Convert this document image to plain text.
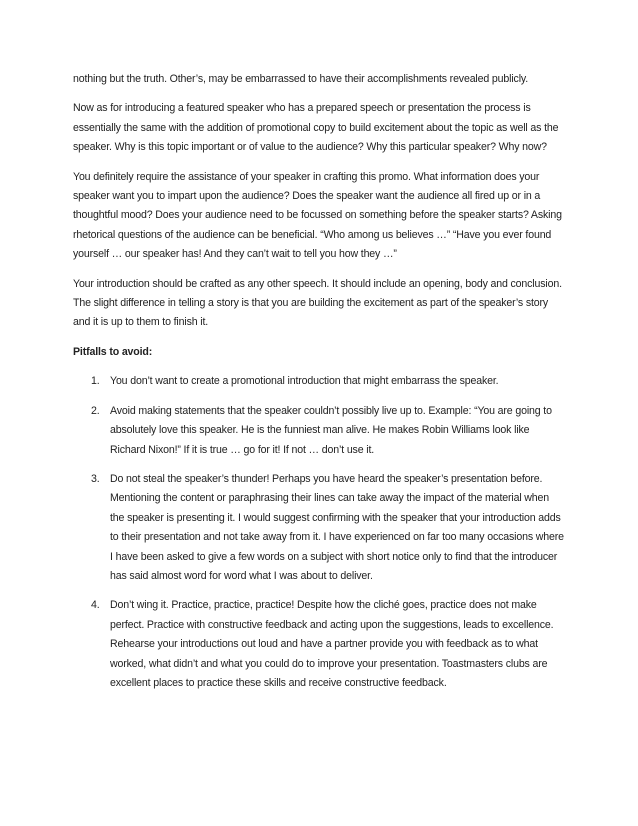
nothing but the truth. Other’s, may be embarrassed to have their accomplishments revealed publicly.

Now as for introducing a featured speaker who has a prepared speech or presentation the process is essentially the same with the addition of promotional copy to build excitement about the topic as well as the speaker. Why is this topic important or of value to the audience? Why this particular speaker? Why now?

You definitely require the assistance of your speaker in crafting this promo. What information does your speaker want you to impart upon the audience? Does the speaker want the audience all fired up or in a thoughtful mood? Does your audience need to be focussed on something before the speaker starts? Asking rhetorical questions of the audience can be beneficial. “Who among us believes …” “Have you ever found yourself … our speaker has! And they can’t wait to tell you how they …”

Your introduction should be crafted as any other speech. It should include an opening, body and conclusion. The slight difference in telling a story is that you are building the excitement as part of the speaker’s story and it is up to them to finish it.

Pitfalls to avoid:
1. You don’t want to create a promotional introduction that might embarrass the speaker.
2. Avoid making statements that the speaker couldn’t possibly live up to. Example: “You are going to absolutely love this speaker. He is the funniest man alive. He makes Robin Williams look like Richard Nixon!” If it is true … go for it! If not … don’t use it.
3. Do not steal the speaker’s thunder! Perhaps you have heard the speaker’s presentation before. Mentioning the content or paraphrasing their lines can take away the impact of the material when the speaker is presenting it. I would suggest confirming with the speaker that your introduction adds to their presentation and not take away from it. I have experienced on far too many occasions where I have been asked to give a few words on a subject with short notice only to find that the introducer has said almost word for word what I was about to deliver.
4. Don’t wing it. Practice, practice, practice! Despite how the cliché goes, practice does not make perfect. Practice with constructive feedback and acting upon the suggestions, leads to excellence. Rehearse your introductions out loud and have a partner provide you with feedback as to what worked, what didn’t and what you could do to improve your presentation. Toastmasters clubs are excellent places to practice these skills and receive constructive feedback.
